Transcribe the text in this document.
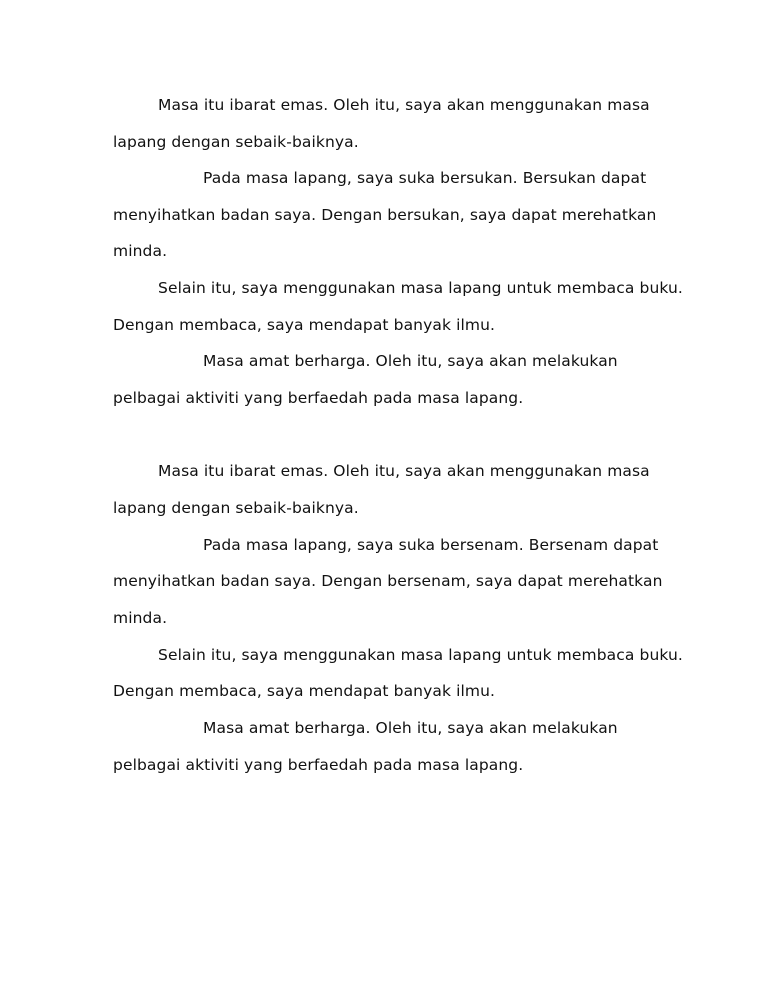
Masa itu ibarat emas. Oleh itu, saya akan menggunakan masa
lapang dengan sebaik-baiknya.
Pada masa lapang, saya suka bersukan. Bersukan dapat
menyihatkan badan saya. Dengan bersukan, saya dapat merehatkan
minda.
Selain itu, saya menggunakan masa lapang untuk membaca buku.
Dengan membaca, saya mendapat banyak ilmu.
Masa amat berharga. Oleh itu, saya akan melakukan
pelbagai aktiviti yang berfaedah pada masa lapang.
Masa itu ibarat emas. Oleh itu, saya akan menggunakan masa
lapang dengan sebaik-baiknya.
Pada masa lapang, saya suka bersenam. Bersenam dapat
menyihatkan badan saya. Dengan bersenam, saya dapat merehatkan
minda.
Selain itu, saya menggunakan masa lapang untuk membaca buku.
Dengan membaca, saya mendapat banyak ilmu.
Masa amat berharga. Oleh itu, saya akan melakukan
pelbagai aktiviti yang berfaedah pada masa lapang.
